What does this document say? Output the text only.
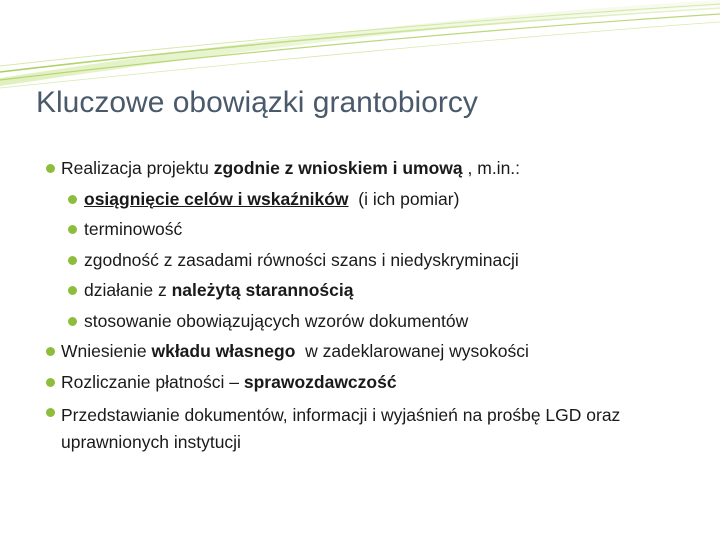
Kluczowe obowiązki grantobiorcy
Realizacja projektu zgodnie z wnioskiem i umową , m.in.:
osiągnięcie celów i wskaźników  (i ich pomiar)
terminowość
zgodność z zasadami równości szans i niedyskryminacji
działanie z należytą starannością
stosowanie obowiązujących wzorów dokumentów
Wniesienie wkładu własnego  w zadeklarowanej wysokości
Rozliczanie płatności – sprawozdawczość
Przedstawianie dokumentów, informacji i wyjaśnień na prośbę LGD oraz uprawnionych instytucji
